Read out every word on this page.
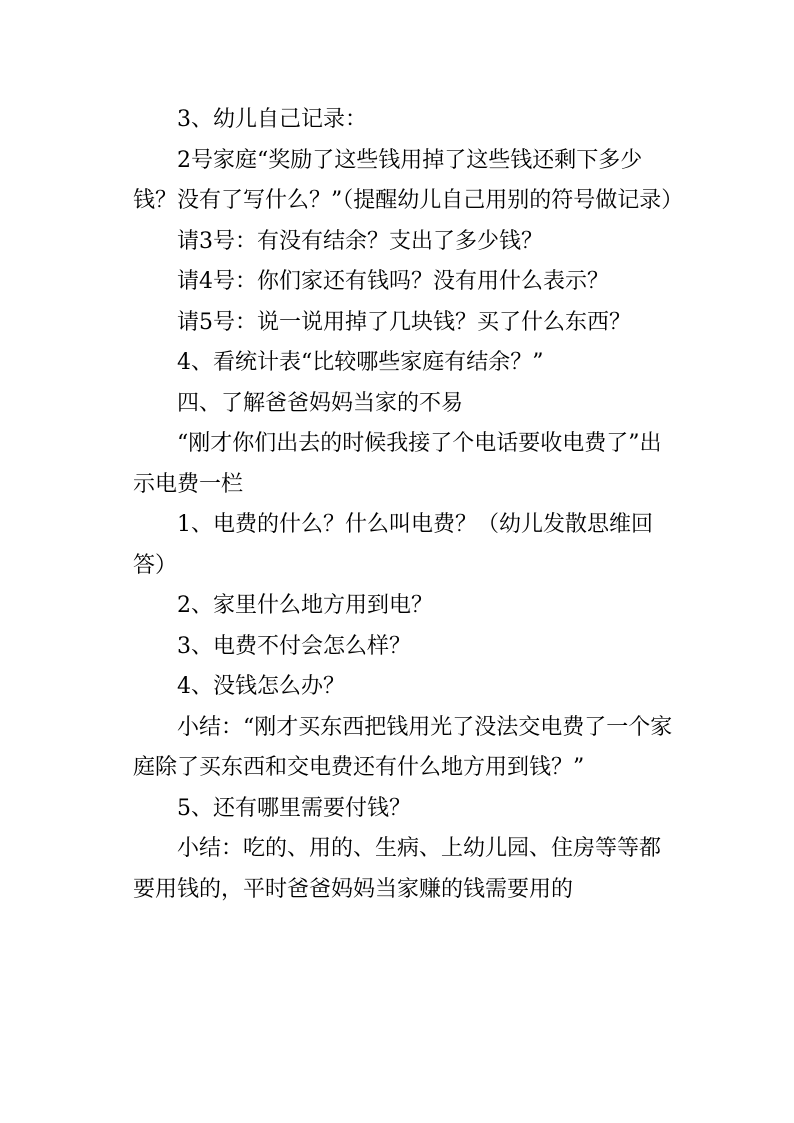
3、幼儿自己记录：

2号家庭“奖励了这些钱用掉了这些钱还剩下多少钱？没有了写什么？”（提醒幼儿自己用别的符号做记录）

请3号：有没有结余？支出了多少钱？

请4号：你们家还有钱吗？没有用什么表示？

请5号：说一说用掉了几块钱？买了什么东西？

4、看统计表“比较哪些家庭有结余？”

四、了解爸爸妈妈当家的不易

“刚才你们出去的时候我接了个电话要收电费了”出示电费一栏

1、电费的什么？什么叫电费？（幼儿发散思维回答）

2、家里什么地方用到电？

3、电费不付会怎么样？

4、没钱怎么办？

小结：“刚才买东西把钱用光了没法交电费了一个家庭除了买东西和交电费还有什么地方用到钱？”

5、还有哪里需要付钱？

小结：吃的、用的、生病、上幼儿园、住房等等都要用钱的，平时爸爸妈妈当家赚的钱需要用的
